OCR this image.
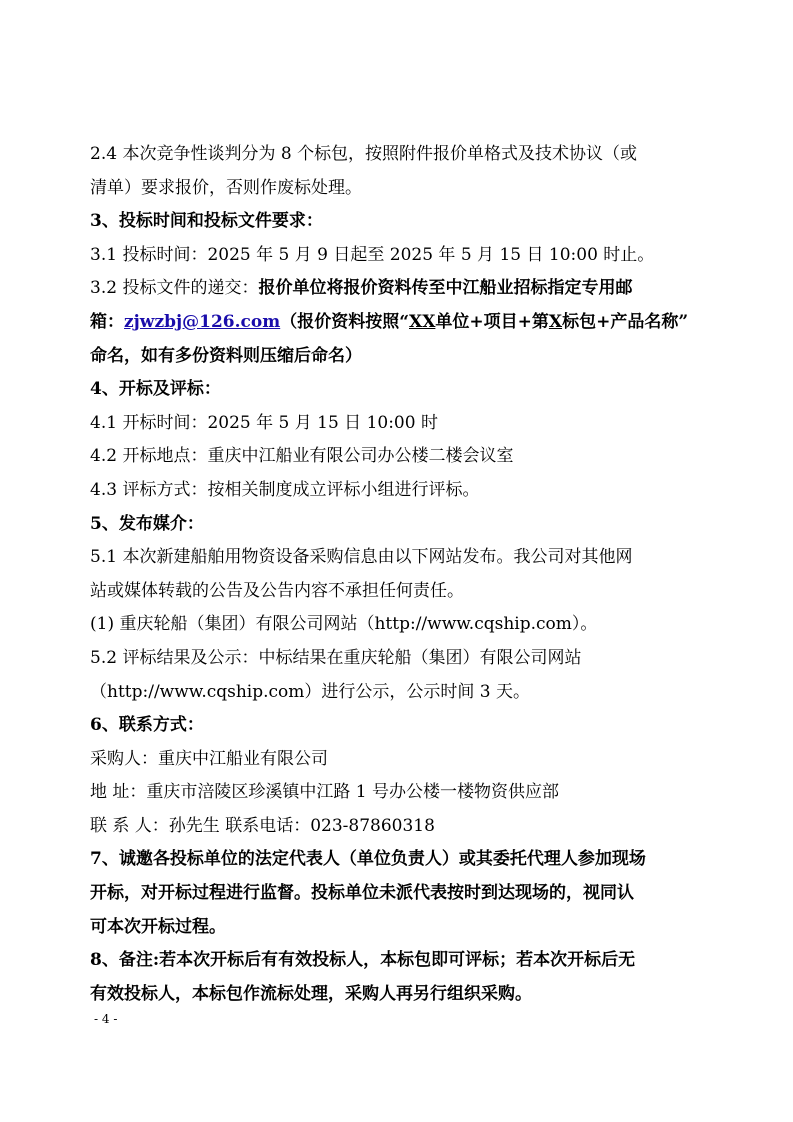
2.4 本次竞争性谈判分为 8 个标包，按照附件报价单格式及技术协议（或
清单）要求报价，否则作废标处理。
3、投标时间和投标文件要求：
3.1 投标时间：2025 年 5 月 9 日起至 2025 年 5 月 15 日 10:00 时止。
3.2 投标文件的递交：报价单位将报价资料传至中江船业招标指定专用邮
箱：zjwzbj@126.com（报价资料按照“XX单位+项目+第X标包+产品名称”
命名，如有多份资料则压缩后命名）
4、开标及评标：
4.1 开标时间：2025 年 5 月 15 日 10:00 时
4.2 开标地点：重庆中江船业有限公司办公楼二楼会议室
4.3 评标方式：按相关制度成立评标小组进行评标。
5、发布媒介：
5.1 本次新建船舶用物资设备采购信息由以下网站发布。我公司对其他网
站或媒体转载的公告及公告内容不承担任何责任。
(1) 重庆轮船（集团）有限公司网站（http://www.cqship.com）。
5.2 评标结果及公示：中标结果在重庆轮船（集团）有限公司网站
（http://www.cqship.com）进行公示，公示时间 3 天。
6、联系方式：
采购人：重庆中江船业有限公司
地 址：重庆市涪陵区珍溪镇中江路 1 号办公楼一楼物资供应部
联 系 人：孙先生 联系电话：023-87860318
7、诚邀各投标单位的法定代表人（单位负责人）或其委托代理人参加现场
开标，对开标过程进行监督。投标单位未派代表按时到达现场的，视同认
可本次开标过程。
8、备注:若本次开标后有有效投标人，本标包即可评标；若本次开标后无
有效投标人，本标包作流标处理，采购人再另行组织采购。
- 4 -
